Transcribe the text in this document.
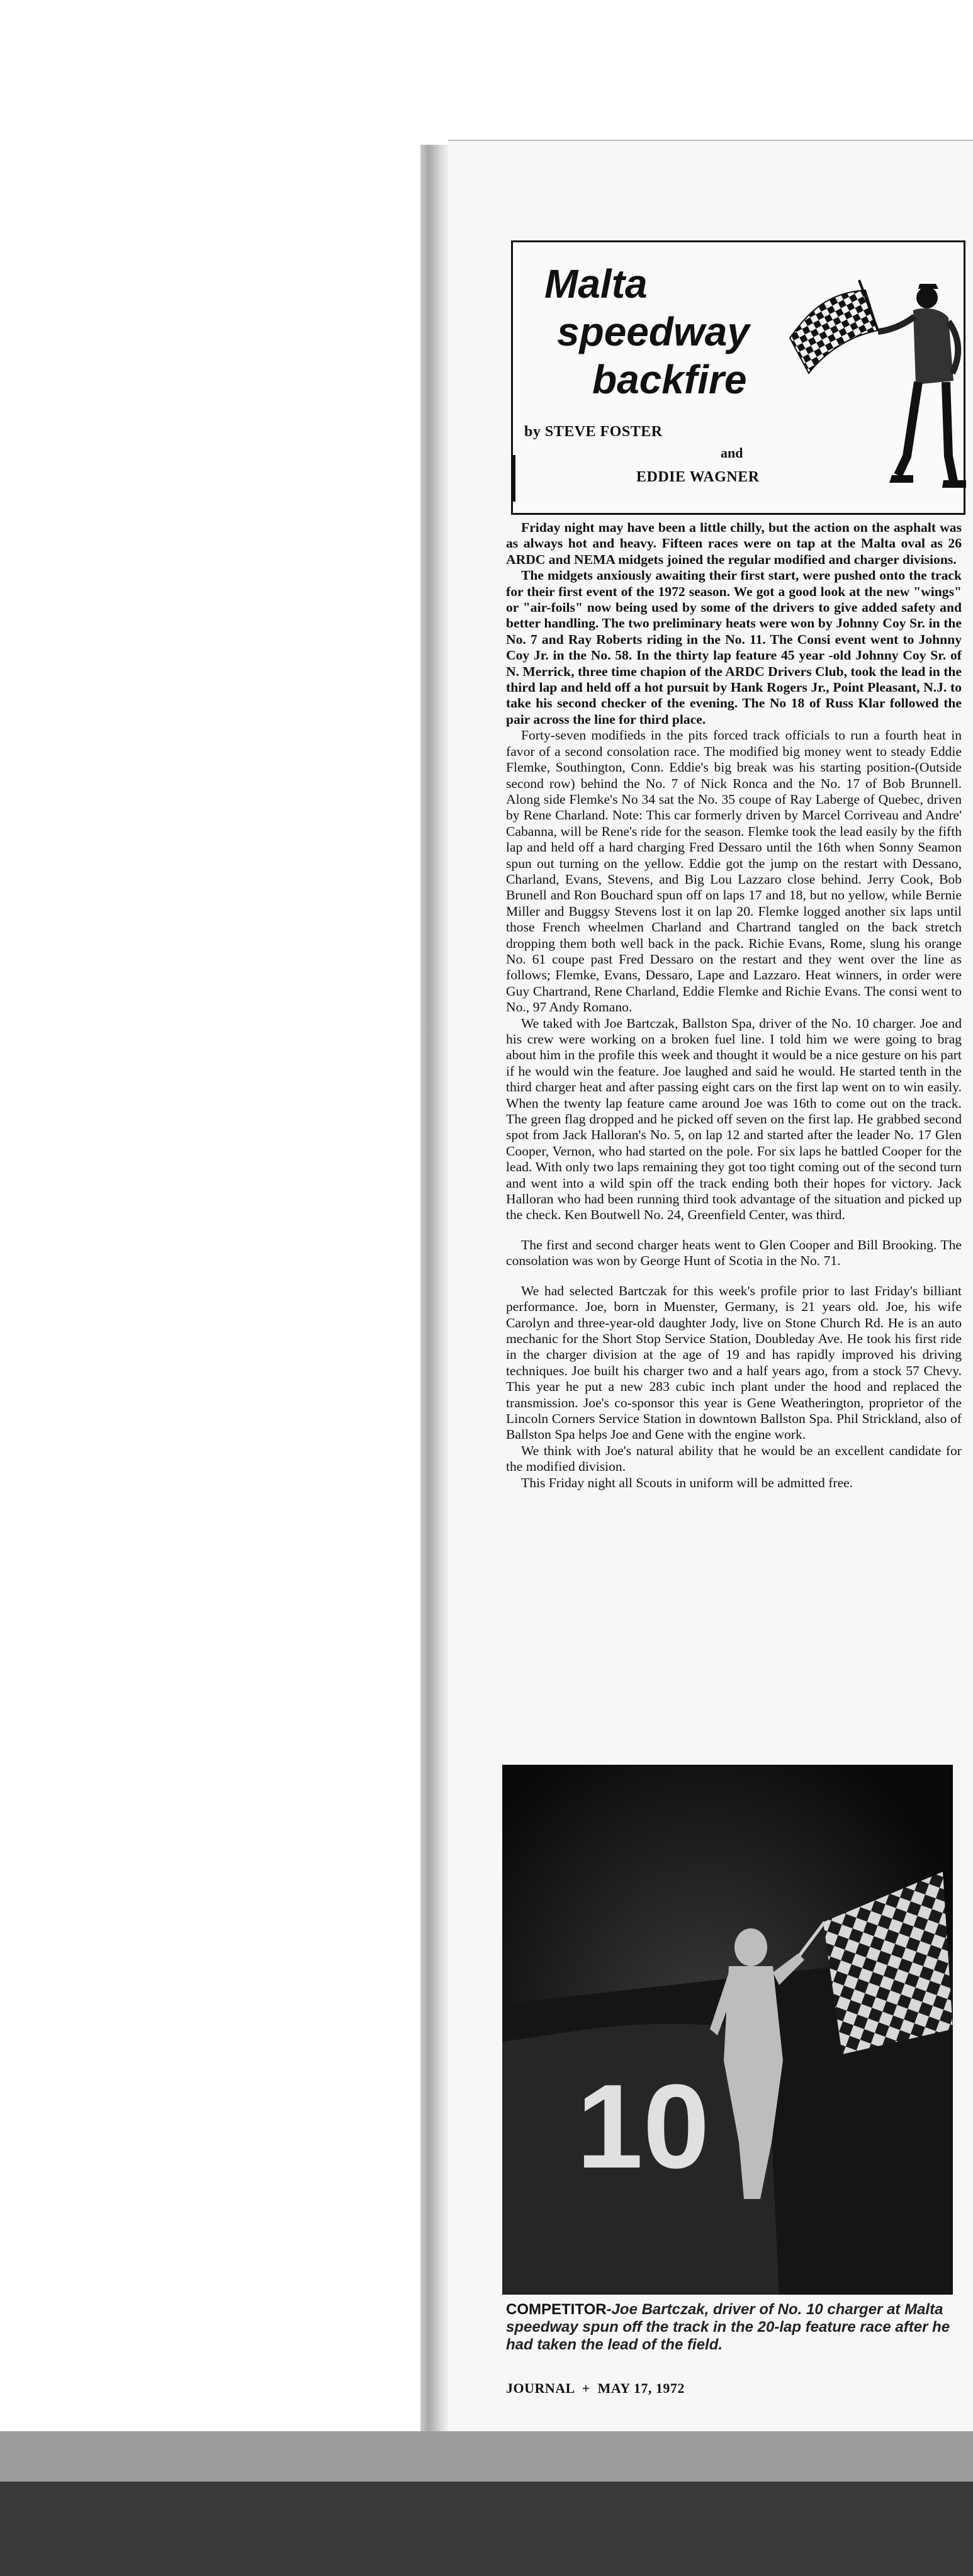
Malta
speedway
backfire
by STEVE FOSTER
and
EDDIE WAGNER

Friday night may have been a little chilly, but the action on the asphalt was as always hot and heavy. Fifteen races were on tap at the Malta oval as 26 ARDC and NEMA midgets joined the regular modified and charger divisions.

The midgets anxiously awaiting their first start, were pushed onto the track for their first event of the 1972 season. We got a good look at the new "wings" or "air-foils" now being used by some of the drivers to give added safety and better handling. The two preliminary heats were won by Johnny Coy Sr. in the No. 7 and Ray Roberts riding in the No. 11. The Consi event went to Johnny Coy Jr. in the No. 58. In the thirty lap feature 45 year -old Johnny Coy Sr. of N. Merrick, three time chapion of the ARDC Drivers Club, took the lead in the third lap and held off a hot pursuit by Hank Rogers Jr., Point Pleasant, N.J. to take his second checker of the evening. The No 18 of Russ Klar followed the pair across the line for third place.

Forty-seven modifieds in the pits forced track officials to run a fourth heat in favor of a second consolation race. The modified big money went to steady Eddie Flemke, Southington, Conn. Eddie's big break was his starting position-(Outside second row) behind the No. 7 of Nick Ronca and the No. 17 of Bob Brunnell. Along side Flemke's No 34 sat the No. 35 coupe of Ray Laberge of Quebec, driven by Rene Charland. Note: This car formerly driven by Marcel Corriveau and Andre' Cabanna, will be Rene's ride for the season. Flemke took the lead easily by the fifth lap and held off a hard charging Fred Dessaro until the 16th when Sonny Seamon spun out turning on the yellow. Eddie got the jump on the restart with Dessano, Charland, Evans, Stevens, and Big Lou Lazzaro close behind. Jerry Cook, Bob Brunell and Ron Bouchard spun off on laps 17 and 18, but no yellow, while Bernie Miller and Buggsy Stevens lost it on lap 20. Flemke logged another six laps until those French wheelmen Charland and Chartrand tangled on the back stretch dropping them both well back in the pack. Richie Evans, Rome, slung his orange No. 61 coupe past Fred Dessaro on the restart and they went over the line as follows; Flemke, Evans, Dessaro, Lape and Lazzaro. Heat winners, in order were Guy Chartrand, Rene Charland, Eddie Flemke and Richie Evans. The consi went to No., 97 Andy Romano.

We taked with Joe Bartczak, Ballston Spa, driver of the No. 10 charger. Joe and his crew were working on a broken fuel line. I told him we were going to brag about him in the profile this week and thought it would be a nice gesture on his part if he would win the feature. Joe laughed and said he would. He started tenth in the third charger heat and after passing eight cars on the first lap went on to win easily. When the twenty lap feature came around Joe was 16th to come out on the track. The green flag dropped and he picked off seven on the first lap. He grabbed second spot from Jack Halloran's No. 5, on lap 12 and started after the leader No. 17 Glen Cooper, Vernon, who had started on the pole. For six laps he battled Cooper for the lead. With only two laps remaining they got too tight coming out of the second turn and went into a wild spin off the track ending both their hopes for victory. Jack Halloran who had been running third took advantage of the situation and picked up the check. Ken Boutwell No. 24, Greenfield Center, was third.

The first and second charger heats went to Glen Cooper and Bill Brooking. The consolation was won by George Hunt of Scotia in the No. 71.

We had selected Bartczak for this week's profile prior to last Friday's billiant performance. Joe, born in Muenster, Germany, is 21 years old. Joe, his wife Carolyn and three-year-old daughter Jody, live on Stone Church Rd. He is an auto mechanic for the Short Stop Service Station, Doubleday Ave. He took his first ride in the charger division at the age of 19 and has rapidly improved his driving techniques. Joe built his charger two and a half years ago, from a stock 57 Chevy. This year he put a new 283 cubic inch plant under the hood and replaced the transmission. Joe's co-sponsor this year is Gene Weatherington, proprietor of the Lincoln Corners Service Station in downtown Ballston Spa. Phil Strickland, also of Ballston Spa helps Joe and Gene with the engine work.

We think with Joe's natural ability that he would be an excellent candidate for the modified division.

This Friday night all Scouts in uniform will be admitted free.

10
COMPETITOR-Joe Bartczak, driver of No. 10 charger at Malta speedway spun off the track in the 20-lap feature race after he had taken the lead of the field.
JOURNAL + MAY 17, 1972
